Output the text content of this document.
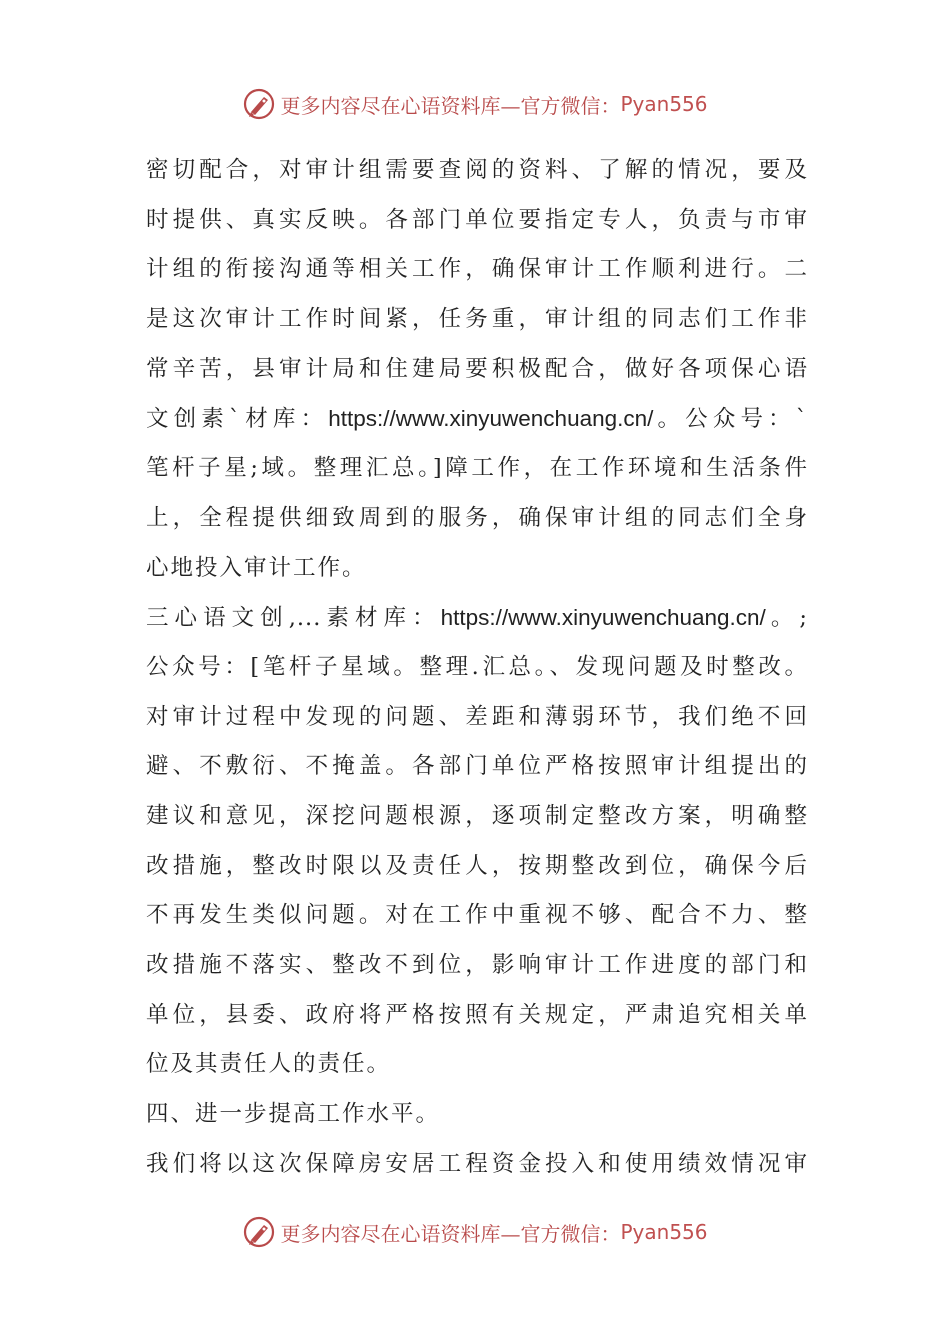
更多内容尽在心语资料库—官方微信： Pyan556
密切配合，对审计组需要查阅的资料、了解的情况，要及
时提供、真实反映。各部门单位要指定专人，负责与市审
计组的衔接沟通等相关工作，确保审计工作顺利进行。二
是这次审计工作时间紧，任务重，审计组的同志们工作非
常辛苦，县审计局和住建局要积极配合，做好各项保心语
文创素`材库：https://www.xinyuwenchuang.cn/。公众号：`
笔杆子星;域。整理汇总。]障工作，在工作环境和生活条件
上，全程提供细致周到的服务，确保审计组的同志们全身
心地投入审计工作。
三心语文创,...素材库：https://www.xinyuwenchuang.cn/。;
公众号：[笔杆子星域。整理.汇总。、发现问题及时整改。
对审计过程中发现的问题、差距和薄弱环节，我们绝不回
避、不敷衍、不掩盖。各部门单位严格按照审计组提出的
建议和意见，深挖问题根源，逐项制定整改方案，明确整
改措施，整改时限以及责任人，按期整改到位，确保今后
不再发生类似问题。对在工作中重视不够、配合不力、整
改措施不落实、整改不到位，影响审计工作进度的部门和
单位，县委、政府将严格按照有关规定，严肃追究相关单
位及其责任人的责任。
四、进一步提高工作水平。
我们将以这次保障房安居工程资金投入和使用绩效情况审
更多内容尽在心语资料库—官方微信： Pyan556
